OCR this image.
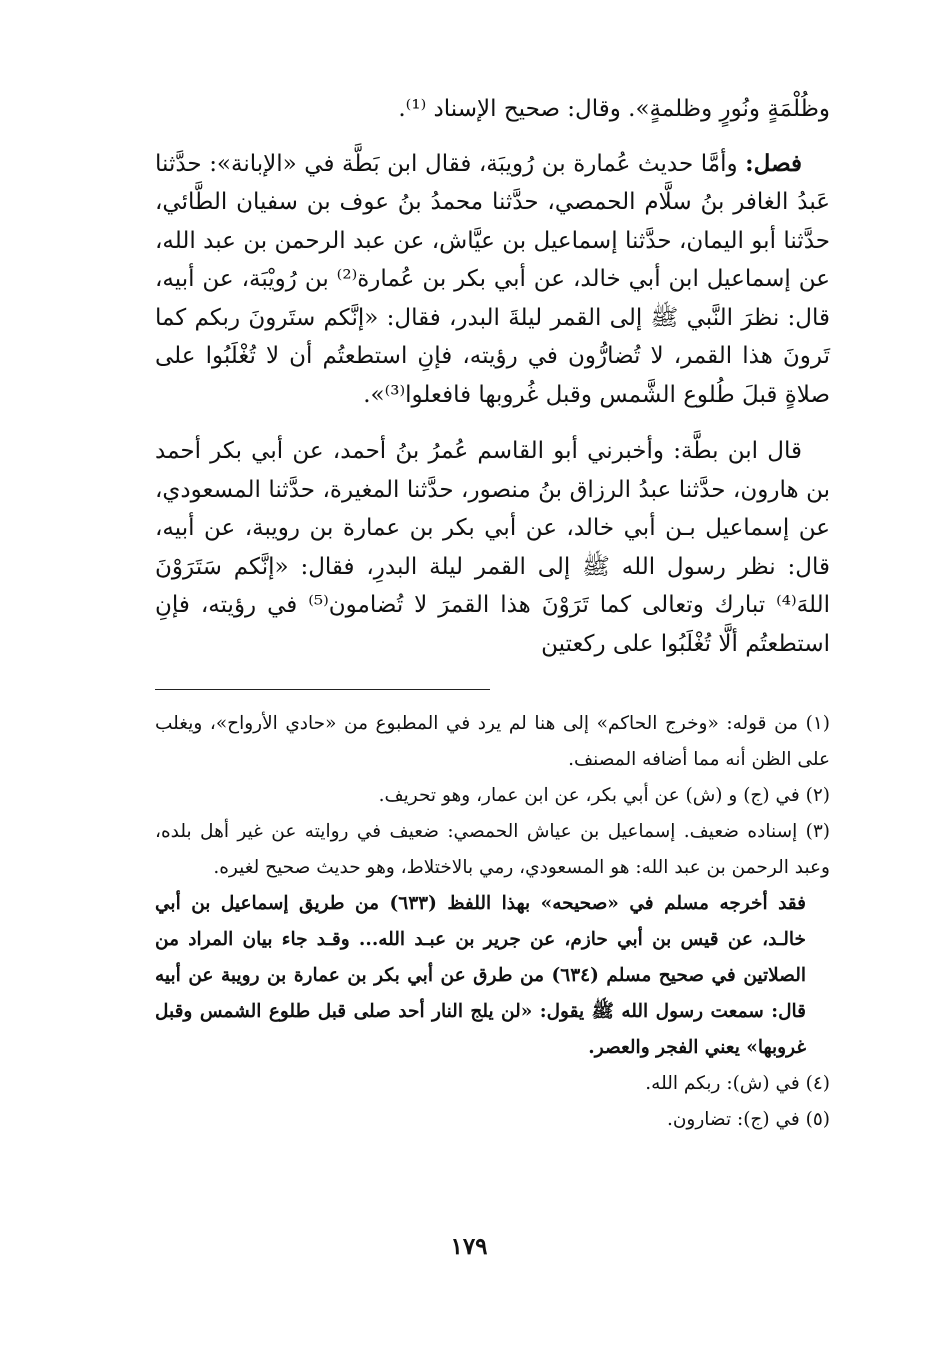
وظُلْمَةٍ ونُورٍ وظلمةٍ». وقال: صحيح الإسناد ⁽¹⁾.

فصل: وأمَّا حديث عُمارة بن رُويبَة، فقال ابن بَطَّة في «الإبانة»: حدَّثنا عَبدُ الغافر بنُ سلَّام الحمصي، حدَّثنا محمدُ بنُ عوف بن سفيان الطَّائي، حدَّثنا أبو اليمان، حدَّثنا إسماعيل بن عيَّاش، عن عبد الرحمن بن عبد الله، عن إسماعيل ابن أبي خالد، عن أبي بكر بن عُمارة⁽²⁾ بن رُويْبَة، عن أبيه، قال: نظرَ النَّبي ﷺ إلى القمر ليلةَ البدر، فقال: «إنَّكم ستَرونَ ربكم كما تَرونَ هذا القمر، لا تُضارُّون في رؤيته، فإنِ استطعتُم أن لا تُغْلَبُوا على صلاةٍ قبلَ طُلوع الشَّمس وقبل غُروبها فافعلوا⁽³⁾».

قال ابن بطَّة: وأخبرني أبو القاسم عُمرُ بنُ أحمد، عن أبي بكر أحمد بن هارون، حدَّثنا عبدُ الرزاق بنُ منصور، حدَّثنا المغيرة، حدَّثنا المسعودي، عن إسماعيل بـن أبي خالد، عن أبي بكر بن عمارة بن رويبة، عن أبيه، قال: نظر رسول الله ﷺ إلى القمر ليلة البدرِ، فقال: «إنَّكم سَتَرَوْنَ اللهَ⁽⁴⁾ تبارك وتعالى كما تَرَوْنَ هذا القمرَ لا تُضامون⁽⁵⁾ في رؤيته، فإنِ استطعتُم ألَّا تُغْلَبُوا على ركعتين

(١) من قوله: «وخرج الحاكم» إلى هنا لم يرد في المطبوع من «حادي الأرواح»، ويغلب على الظن أنه مما أضافه المصنف.

(٢) في (ج) و (ش) عن أبي بكر، عن ابن عمار، وهو تحريف.

(٣) إسناده ضعيف. إسماعيل بن عياش الحمصي: ضعيف في روايته عن غير أهل بلده، وعبد الرحمن بن عبد الله: هو المسعودي، رمي بالاختلاط، وهو حديث صحيح لغيره.

فقد أخرجه مسلم في «صحيحه» بهذا اللفظ (٦٣٣) من طريق إسماعيل بن أبي خالـد، عن قيس بن أبي حازم، عن جرير بن عبـد الله... وقـد جاء بيان المراد من الصلاتين في صحيح مسلم (٦٣٤) من طرق عن أبي بكر بن عمارة بن رويبة عن أبيه قال: سمعت رسول الله ﷺ يقول: «لن يلج النار أحد صلى قبل طلوع الشمس وقبل غروبها» يعني الفجر والعصر.

(٤) في (ش): ربكم الله.

(٥) في (ج): تضارون.

١٧٩
